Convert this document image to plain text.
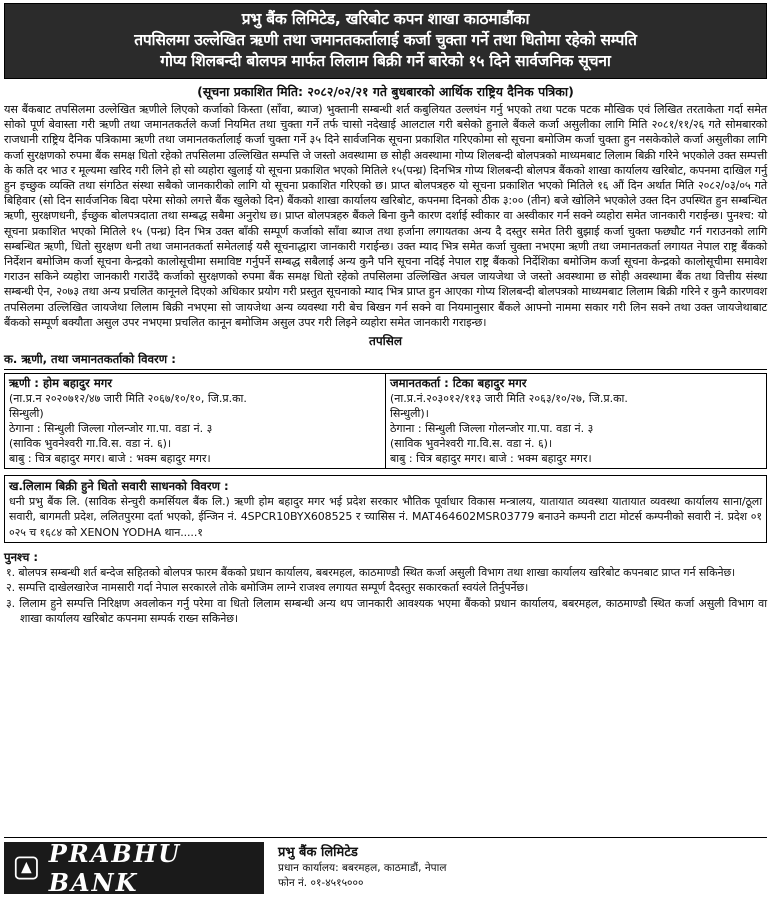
प्रभु बैंक लिमिटेड, खरिबोट कपन शाखा काठमाडौंका
तपसिलमा उल्लेखित ऋणी तथा जमानतकर्तालाई कर्जा चुक्ता गर्ने तथा धितोमा रहेको सम्पति
गोप्य शिलबन्दी बोलपत्र मार्फत लिलाम बिक्री गर्ने बारेको १५ दिने सार्वजनिक सूचना
(सूचना प्रकाशित मिति: २०८२/०२/२१ गते बुधबारको आर्थिक राष्ट्रिय दैनिक पत्रिका)
यस बैंकबाट तपसिलमा उल्लेखित ऋणीले लिएको कर्जाको किस्ता (साँवा, ब्याज) भुक्तानी सम्बन्धी शर्त कबुलियत उल्लघंन गर्नु भएको तथा पटक पटक मौखिक एवं लिखित तरताकेता गर्दा समेत सोको पूर्ण बेवास्ता गरी ऋणी तथा जमानतकर्तले कर्जा नियमित तथा चुक्ता गर्ने तर्फ चासो नदेखाई आलटाल गरी बसेको हुनाले बैंकले कर्जा असुलीका लागि मिति २०८१/११/२६ गते सोमबारको राजधानी राष्ट्रिय दैनिक पत्रिकामा ऋणी तथा जमानतकर्तालाई कर्जा चुक्ता गर्ने ३५ दिने सार्वजनिक सूचना प्रकाशित गरिएकोमा सो सूचना बमोजिम कर्जा चुक्ता हुन नसकेकोले कर्जा असुलीका लागि कर्जा सुरक्षणको रुपमा बैंक समक्ष धितो रहेको तपसिलमा उल्लिखित सम्पत्ति जे जस्तो अवस्थामा छ सोही अवस्थामा गोप्य शिलबन्दी बोलपत्रको माध्यमबाट लिलाम बिक्री गरिने भएकोले उक्त सम्पत्ती के कति दर भाउ र मूल्यमा खरिद गरी लिने हो सो व्यहोरा खुलाई यो सूचना प्रकाशित भएको मितिले १५(पन्ध्र) दिनभित्र गोप्य शिलबन्दी बोलपत्र बैंकको शाखा कार्यालय खरिबोट, कपनमा दाखिल गर्नु हुन इच्छुक व्यक्ति तथा संगठित संस्था सबैको जानकारीको लागि यो सूचना प्रकाशित गरिएको छ। प्राप्त बोलपत्रहरु यो सूचना प्रकाशित भएको मितिले १६ औं दिन अर्थात मिति २०८२/०३/०५ गते बिहिवार (सो दिन सार्वजनिक बिदा परेमा सोको लगत्ते बैंक खुलेको दिन) बैंकको शाखा कार्यालय खरिबोट, कपनमा दिनको ठीक ३:०० (तीन) बजे खोलिने भएकोले उक्त दिन उपस्थित हुन सम्बन्धित ऋणी, सुरक्षणधनी, ईच्छुक बोलपत्रदाता तथा सम्बद्ध सबैमा अनुरोध छ। प्राप्त बोलपत्रहरु बैंकले बिना कुनै कारण दर्शाई स्वीकार वा अस्वीकार गर्न सक्ने व्यहोरा समेत जानकारी गराईन्छ। पुनश्च: यो सूचना प्रकाशित भएको मितिले १५ (पन्ध्र) दिन भित्र उक्त बाँकी सम्पूर्ण कर्जाको साँवा ब्याज तथा हर्जाना लगायतका अन्य दै दस्तुर समेत तिरी बुझाई कर्जा चुक्ता फछ्यौट गर्न गराउनको लागि सम्बन्धित ऋणी, धितो सुरक्षण धनी तथा जमानतकर्ता समेतलाई यसै सूचनाद्धारा जानकारी गराईन्छ। उक्त म्याद भित्र समेत कर्जा चुक्ता नभएमा ऋणी तथा जमानतकर्ता लगायत नेपाल राष्ट्र बैंकको निर्देशन बमोजिम कर्जा सूचना केन्द्रको कालोसूचीमा समाविष्ट गर्नुपर्ने सम्बद्ध सबैलाई अन्य कुनै पनि सूचना नदिई नेपाल राष्ट्र बैंकको निर्देशिका बमोजिम कर्जा सूचना केन्द्रको कालोसूचीमा समावेश गराउन सकिने व्यहोरा जानकारी गराउँदै कर्जाको सुरक्षणको रुपमा बैंक समक्ष धितो रहेको तपसिलमा उल्लिखित अचल जायजेथा जे जस्तो अवस्थामा छ सोही अवस्थामा बैंक तथा वित्तीय संस्था सम्बन्धी ऐन, २०७३ तथा अन्य प्रचलित कानूनले दिएको अधिकार प्रयोग गरी प्रस्तुत सूचनाको म्याद भित्र प्राप्त हुन आएका गोप्य शिलबन्दी बोलपत्रको माध्यमबाट लिलाम बिक्री गरिने र कुनै कारणवश तपसिलमा उल्लिखित जायजेथा लिलाम बिक्री नभएमा सो जायजेथा अन्य व्यवस्था गरी बेच बिखन गर्न सक्ने वा नियमानुसार बैंकले आफ्नो नाममा सकार गरी लिन सक्ने तथा उक्त जायजेथाबाट बैंकको सम्पूर्ण बक्यौता असुल उपर नभएमा प्रचलित कानून बमोजिम असुल उपर गरी लिइने व्यहोरा समेत जानकारी गराइन्छ।
तपसिल
क. ऋणी, तथा जमानतकर्ताको विवरण :
ऋणी : होम बहादुर मगर
(ना.प्र.न २०२०७१२/४७ जारी मिति २०६७/१०/१०, जि.प्र.का.
सिन्धुली)
ठेगाना : सिन्धुली जिल्ला गोलन्जोर गा.पा. वडा नं. ३
(साविक भुवनेश्वरी गा.वि.स. वडा नं. ६)।
बाबु : चित्र बहादुर मगर। बाजे : भक्म बहादुर मगर।

जमानतकर्ता : टिका बहादुर मगर
(ना.प्र.नं.२०३०१२/११३ जारी मिति २०६३/१०/२७, जि.प्र.का.
सिन्धुली)।
ठेगाना : सिन्धुली जिल्ला गोलन्जोर गा.पा. वडा नं. ३
(साविक भुवनेश्वरी गा.वि.स. वडा नं. ६)।
बाबु : चित्र बहादुर मगर। बाजे : भक्म बहादुर मगर।
ख.लिलाम बिक्री हुने धितो सवारी साधनको विवरण :
धनी प्रभु बैंक लि. (साविक सेन्चुरी कमर्सियल बैंक लि.) ऋणी होम बहादुर मगर भई प्रदेश सरकार भौतिक पूर्वाधार विकास मन्त्रालय, यातायात व्यवस्था यातायात व्यवस्था कार्यालय साना/ठूला सवारी, बागमती प्रदेश, ललितपुरमा दर्ता भएको, ईन्जिन नं. 4SPCR10BYX608525 र च्यासिस नं. MAT464602MSR03779 बनाउने कम्पनी टाटा मोटर्स कम्पनीको सवारी नं. प्रदेश ०१ ०२५ च १६८४ को XENON YODHA थान.....१
पुनश्च :
१. बोलपत्र सम्बन्धी शर्त बन्देज सहितको बोलपत्र फारम बैंकको प्रधान कार्यालय, बबरमहल, काठमाण्डौ स्थित कर्जा असुली विभाग तथा शाखा कार्यालय खरिबोट कपनबाट प्राप्त गर्न सकिनेछ।
२. सम्पत्ति दाखेलखारेज नामसारी गर्दा नेपाल सरकारले तोके बमोजिम लाग्ने राजश्व लगायत सम्पूर्ण दैदस्तुर सकारकर्ता स्वयंले तिर्नुपर्नेछ।
३. लिलाम हुने सम्पत्ति निरिक्षण अवलोकन गर्नु परेमा वा धितो लिलाम सम्बन्धी अन्य थप जानकारी आवश्यक भएमा बैंकको प्रधान कार्यालय, बबरमहल, काठमाण्डौ स्थित कर्जा असुली विभाग वा शाखा कार्यालय खरिबोट कपनमा सम्पर्क राख्न सकिनेछ।
PRABHU BANK
प्रभु बैंक लिमिटेड
प्रधान कार्यालय: बबरमहल, काठमाडौं, नेपाल
फोन नं. ०१-४५१५०००
